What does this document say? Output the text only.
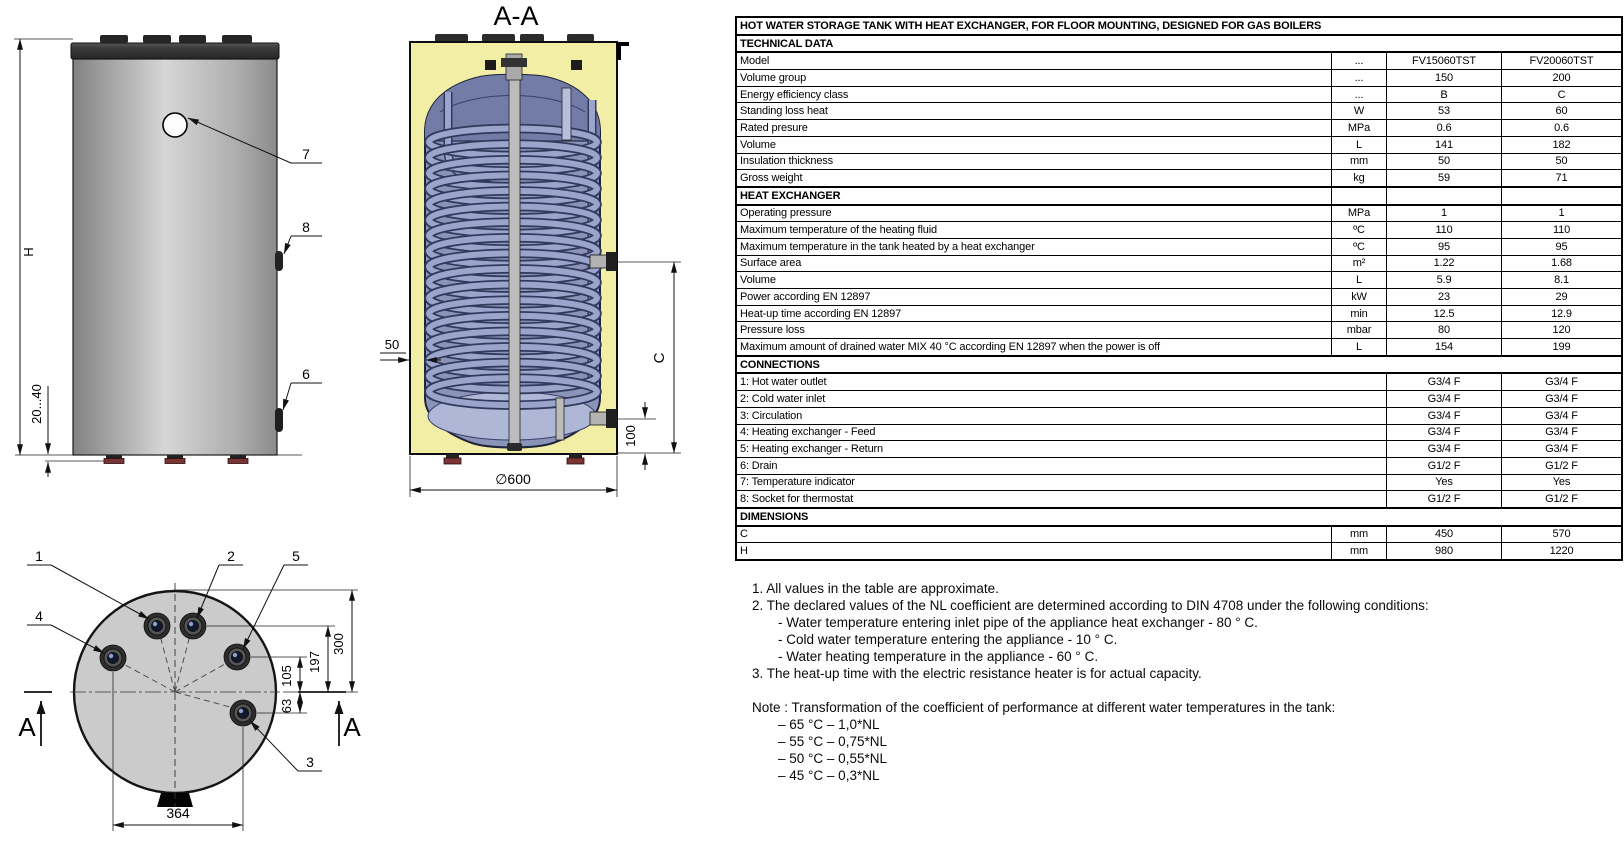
H
20...40
7
8
6
A-A
50
C
100
∅600
1	2	5
4
3
A	A
300
197
105
63
364
HOT WATER STORAGE TANK WITH HEAT EXCHANGER, FOR FLOOR MOUNTING, DESIGNED FOR GAS BOILERS
TECHNICAL DATA
Model	...	FV15060TST	FV20060TST
Volume group	...	150	200
Energy efficiency class	...	B	C
Standing loss heat	W	53	60
Rated presure	MPa	0.6	0.6
Volume	L	141	182
Insulation thickness	mm	50	50
Gross weight	kg	59	71
HEAT EXCHANGER
Operating pressure	MPa	1	1
Maximum temperature of the heating fluid	ºC	110	110
Maximum temperature in the tank heated by a heat exchanger	ºC	95	95
Surface area	m²	1.22	1.68
Volume	L	5.9	8.1
Power according EN 12897	kW	23	29
Heat-up time according EN 12897	min	12.5	12.9
Pressure loss	mbar	80	120
Maximum amount of drained water MIX 40 °C according EN 12897 when the power is off	L	154	199
CONNECTIONS
1: Hot water outlet	G3/4 F	G3/4 F
2: Cold water inlet	G3/4 F	G3/4 F
3: Circulation	G3/4 F	G3/4 F
4: Heating exchanger - Feed	G3/4 F	G3/4 F
5: Heating exchanger - Return	G3/4 F	G3/4 F
6: Drain	G1/2 F	G1/2 F
7: Temperature indicator	Yes	Yes
8: Socket for thermostat	G1/2 F	G1/2 F
DIMENSIONS
C	mm	450	570
H	mm	980	1220
1. All values in the table are approximate.
2. The declared values of the NL coefficient are determined according to DIN 4708 under the following conditions:
- Water temperature entering inlet pipe of the appliance heat exchanger - 80 ° C.
- Cold water temperature entering the appliance - 10 ° C.
- Water heating temperature in the appliance - 60 ° C.
3. The heat-up time with the electric resistance heater is for actual capacity.
Note : Transformation of the coefficient of performance at different water temperatures in the tank:
– 65 °C – 1,0*NL
– 55 °C – 0,75*NL
– 50 °C – 0,55*NL
– 45 °C – 0,3*NL
